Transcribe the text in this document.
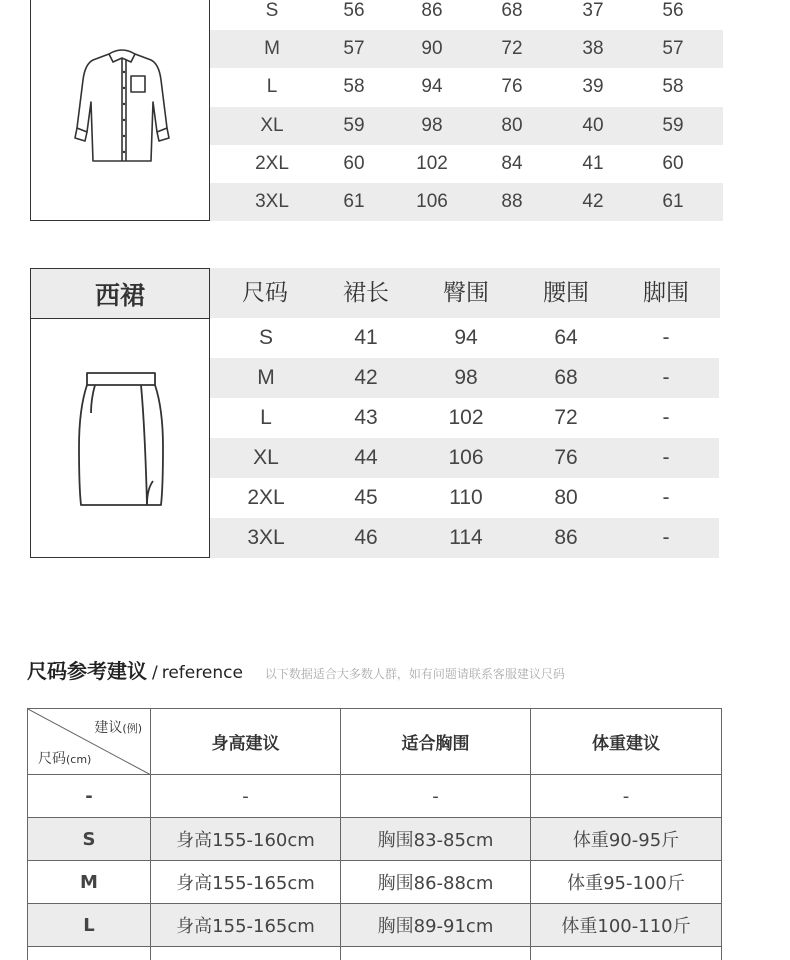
S	56	86	68	37	56
M	57	90	72	38	57
L	58	94	76	39	58
XL	59	98	80	40	59
2XL	60	102	84	41	60
3XL	61	106	88	42	61
西裙	尺码	裙长	臀围	腰围	脚围
S	41	94	64	-
M	42	98	68	-
L	43	102	72	-
XL	44	106	76	-
2XL	45	110	80	-
3XL	46	114	86	-
尺码参考建议 / reference 以下数据适合大多数人群，如有问题请联系客服建议尺码
建议(例)
尺码(cm)	身高建议	适合胸围	体重建议
-	-	-	-
S	身高155-160cm	胸围83-85cm	体重90-95斤
M	身高155-165cm	胸围86-88cm	体重95-100斤
L	身高155-165cm	胸围89-91cm	体重100-110斤
